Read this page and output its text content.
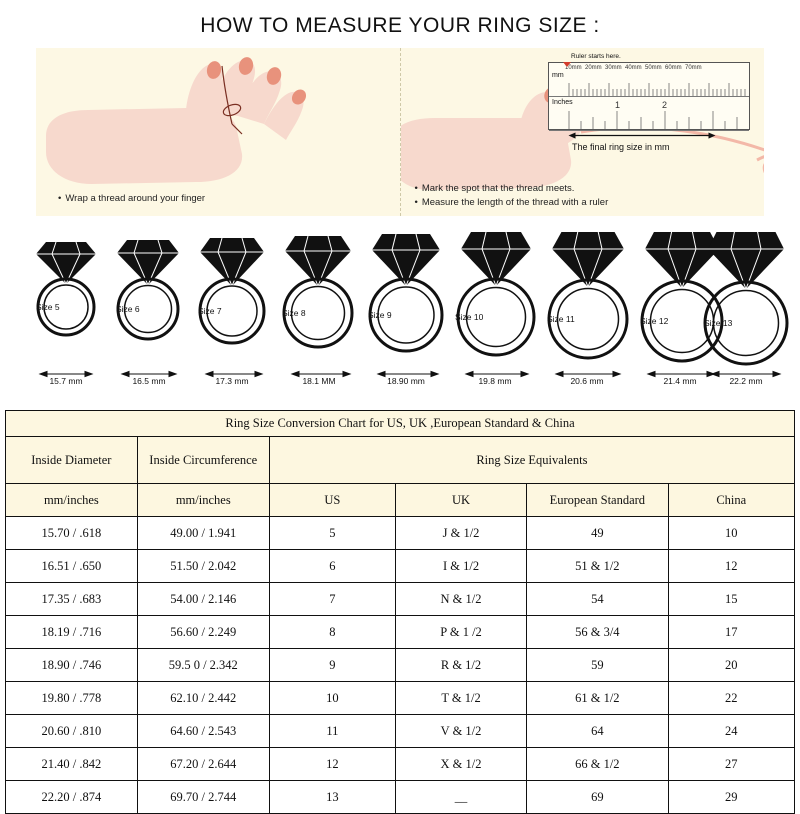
HOW TO MEASURE YOUR RING SIZE :
• Wrap a thread around your finger
mm
10mm 20mm 30mm 40mm 50mm 60mm 70mm
Inches	1	2
Ruler starts here.
The final ring size in mm
• Mark the spot that the thread meets.
• Measure the length of the thread with a ruler
Size 5	Size 6	Size 7	Size 8	Size 9	Size 10	Size 11	Size 12	Size 13
15.7 mm	16.5 mm	17.3 mm	18.1 MM	18.90 mm	19.8 mm	20.6 mm	21.4 mm	22.2 mm
Ring Size Conversion Chart for US, UK ,European Standard & China					
Inside Diameter	Inside Circumference	Ring Size Equivalents			
mm/inches	mm/inches	US	UK	European Standard	China
15.70 / .618	49.00 / 1.941	5	J & 1/2	49	10
16.51 / .650	51.50 / 2.042	6	I & 1/2	51 & 1/2	12
17.35 / .683	54.00 / 2.146	7	N & 1/2	54	15
18.19 / .716	56.60 / 2.249	8	P & 1 /2	56 & 3/4	17
18.90 / .746	59.5 0 / 2.342	9	R & 1/2	59	20
19.80 / .778	62.10 / 2.442	10	T & 1/2	61 & 1/2	22
20.60 / .810	64.60 / 2.543	11	V & 1/2	64	24
21.40 / .842	67.20 / 2.644	12	X & 1/2	66 & 1/2	27
22.20 / .874	69.70 / 2.744	13	__	69	29
